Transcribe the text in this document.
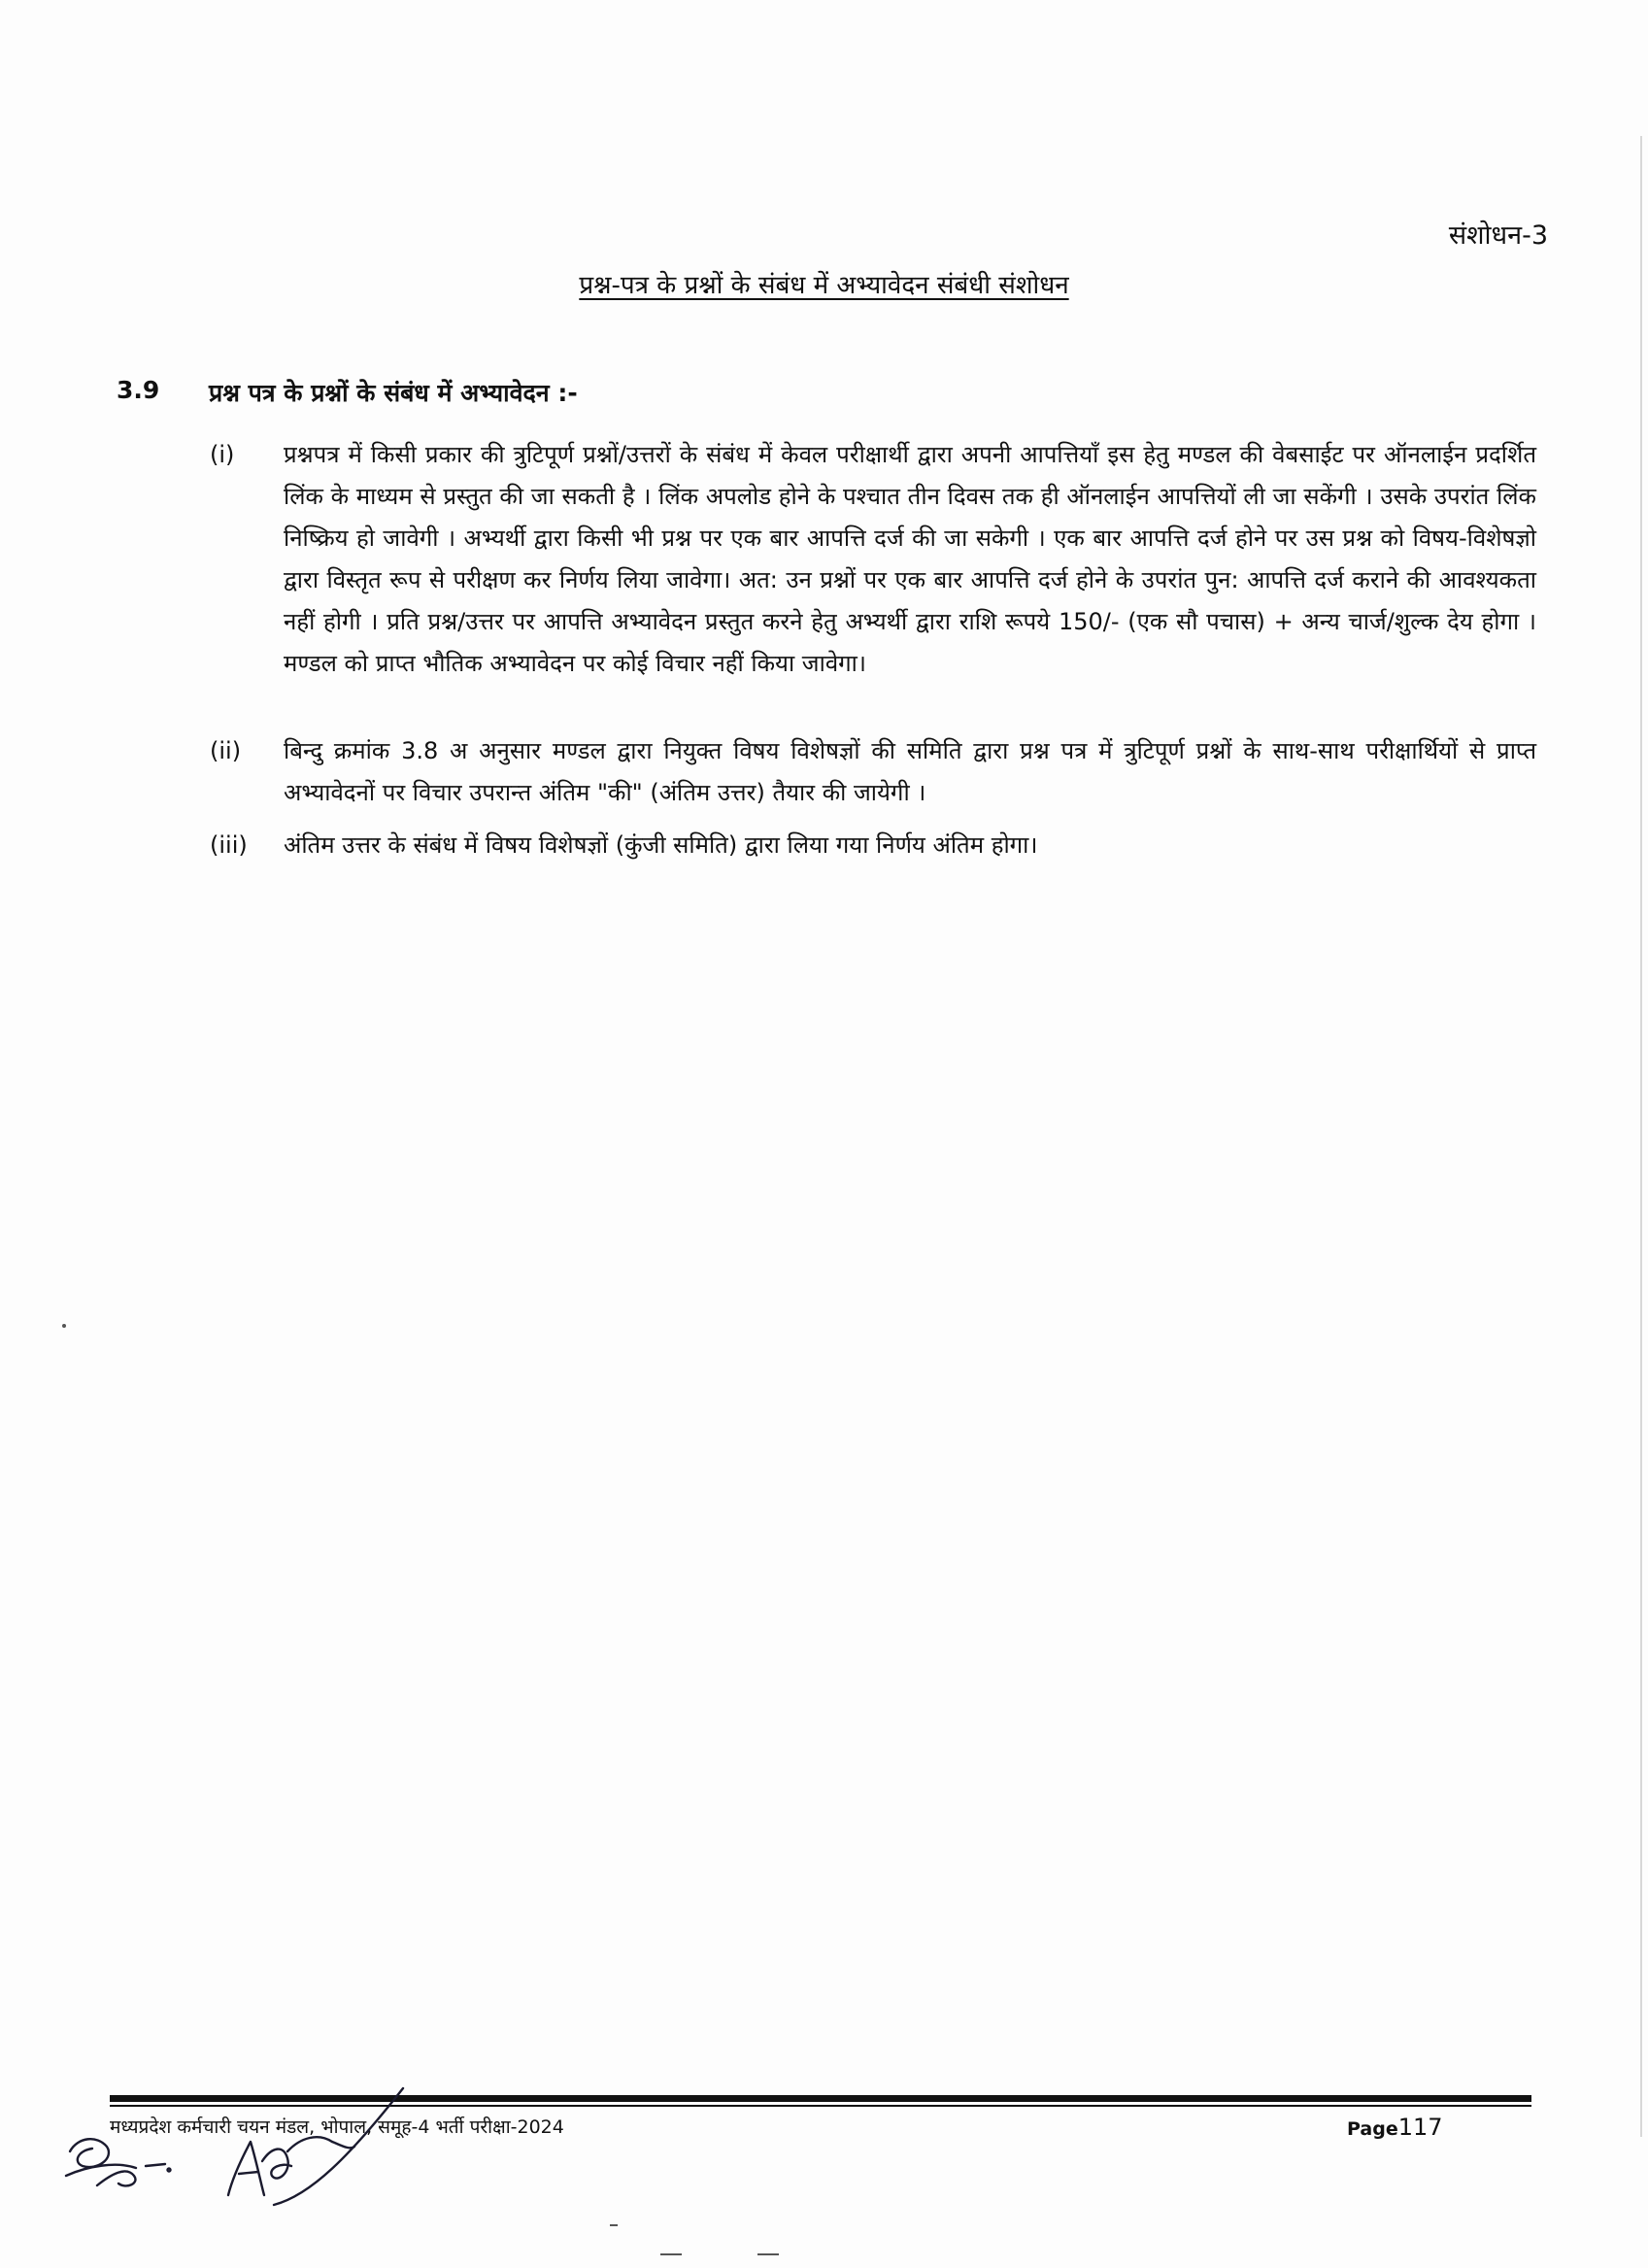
संशोधन-3
प्रश्न-पत्र के प्रश्नों के संबंध में अभ्यावेदन संबंधी संशोधन
3.9	प्रश्न पत्र के प्रश्नों के संबंध में अभ्यावेदन :-
(i)	प्रश्नपत्र में किसी प्रकार की त्रुटिपूर्ण प्रश्नों/उत्तरों के संबंध में केवल परीक्षार्थी द्वारा अपनी आपत्तियाँ इस हेतु मण्डल की वेबसाईट पर ऑनलाईन प्रदर्शित लिंक के माध्यम से प्रस्तुत की जा सकती है । लिंक अपलोड होने के पश्चात तीन दिवस तक ही ऑनलाईन आपत्तियों ली जा सकेंगी । उसके उपरांत लिंक निष्क्रिय हो जावेगी । अभ्यर्थी द्वारा किसी भी प्रश्न पर एक बार आपत्ति दर्ज की जा सकेगी । एक बार आपत्ति दर्ज होने पर उस प्रश्न को विषय-विशेषज्ञो द्वारा विस्तृत रूप से परीक्षण कर निर्णय लिया जावेगा। अत: उन प्रश्नों पर एक बार आपत्ति दर्ज होने के उपरांत पुन: आपत्ति दर्ज कराने की आवश्यकता नहीं होगी । प्रति प्रश्न/उत्तर पर आपत्ति अभ्यावेदन प्रस्तुत करने हेतु अभ्यर्थी द्वारा राशि रूपये 150/- (एक सौ पचास) + अन्य चार्ज/शुल्क देय होगा । मण्डल को प्राप्त भौतिक अभ्यावेदन पर कोई विचार नहीं किया जावेगा।
(ii)	बिन्दु क्रमांक 3.8 अ अनुसार मण्डल द्वारा नियुक्त विषय विशेषज्ञों की समिति द्वारा प्रश्न पत्र में त्रुटिपूर्ण प्रश्नों के साथ-साथ परीक्षार्थियों से प्राप्त अभ्यावेदनों पर विचार उपरान्त अंतिम "की" (अंतिम उत्तर) तैयार की जायेगी ।
(iii)	अंतिम उत्तर के संबंध में विषय विशेषज्ञों (कुंजी समिति) द्वारा लिया गया निर्णय अंतिम होगा।
मध्यप्रदेश कर्मचारी चयन मंडल, भोपाल, समूह-4 भर्ती परीक्षा-2024	Page117
